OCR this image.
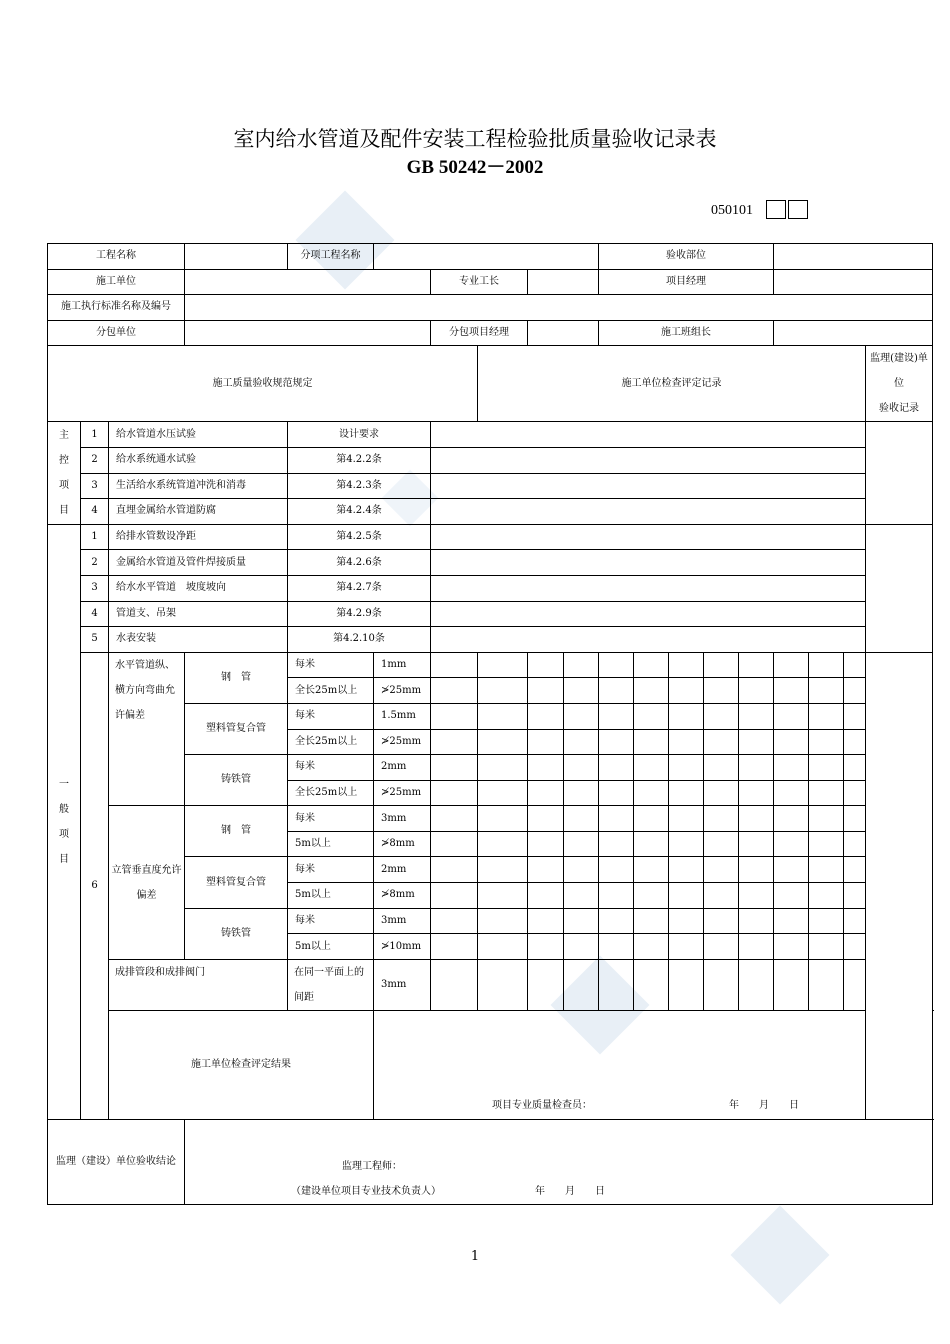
室内给水管道及配件安装工程检验批质量验收记录表
GB 50242－2002
050101
工程名称				分项工程名称						验收部位								
施工单位						专业工长				项目经理								
施工执行标准名称及编号																		
分包单位						分包项目经理				施工班组长								
施工质量验收规范规定							施工单位检查评定记录											监理(建设)单位
验收记录
主
控
项
目	1	给水管道水压试验		设计要求														
	2	给水系统通水试验		第4.2.2条														
	3	生活给水系统管道冲洗和消毒		第4.2.3条														
	4	直埋金属给水管道防腐		第4.2.4条														
一
般
项
目	1	给排水管数设净距		第4.2.5条														
	2	金属给水管道及管件焊接质量		第4.2.6条														
	3	给水水平管道　坡度坡向		第4.2.7条														
	4	管道支、吊架		第4.2.9条														
	5	水表安装		第4.2.10条														
	6	水平管道纵、横方向弯曲允许偏差	钢　管	每米	1mm													
				全长25m以上	≯25mm													
			塑料管复合管	每米	1.5mm													
				全长25m以上	≯25mm													
			铸铁管	每米	2mm													
				全长25m以上	≯25mm													
		立管垂直度允许偏差	钢　管	每米	3mm													
				5m以上	≯8mm													
			塑料管复合管	每米	2mm													
				5m以上	≯8mm													
			铸铁管	每米	3mm													
				5m以上	≯10mm													
		成排管段和成排阀门		在同一平面上的间距	3mm													
		施工单位检查评定结果			项目专业质量检查员： 年　　月　　日													

监理（建设）单位验收结论			监理工程师：
（建设单位项目专业技术负责人） 年　　月　　日															
1
